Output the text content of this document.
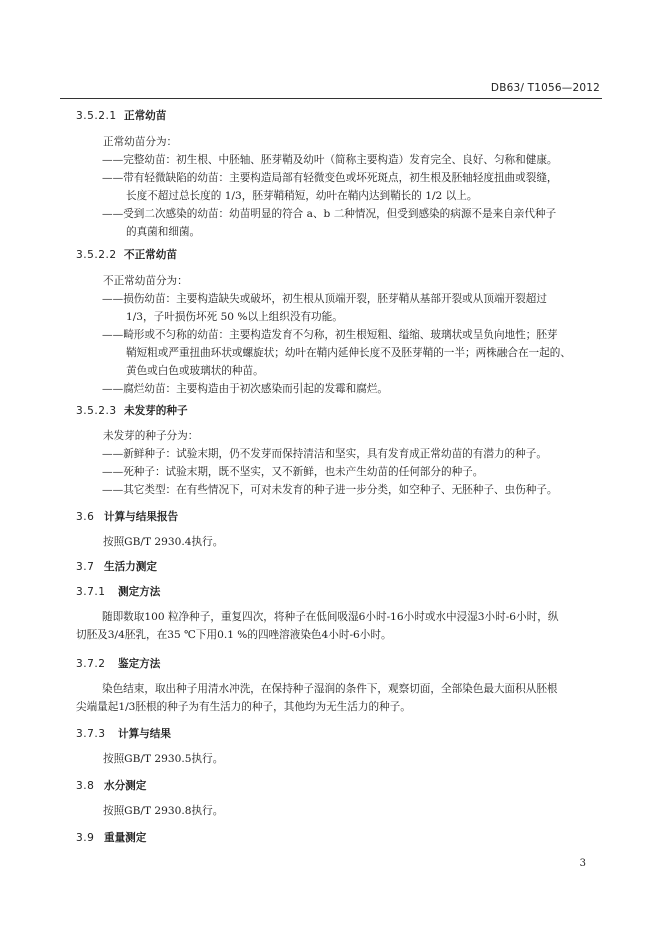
DB63/ T1056—2012
3.5.2.1 正常幼苗
正常幼苗分为：
——完整幼苗：初生根、中胚轴、胚芽鞘及幼叶（简称主要构造）发育完全、良好、匀称和健康。
——带有轻微缺陷的幼苗：主要构造局部有轻微变色或坏死斑点，初生根及胚轴轻度扭曲或裂缝，
长度不超过总长度的 1/3，胚芽鞘稍短，幼叶在鞘内达到鞘长的 1/2 以上。
——受到二次感染的幼苗：幼苗明显的符合 a、b 二种情况，但受到感染的病源不是来自亲代种子
的真菌和细菌。
3.5.2.2 不正常幼苗
不正常幼苗分为：
——损伤幼苗：主要构造缺失或破坏，初生根从顶端开裂，胚芽鞘从基部开裂或从顶端开裂超过
1/3，子叶损伤坏死 50 %以上组织没有功能。
——畸形或不匀称的幼苗：主要构造发育不匀称，初生根短粗、缢缩、玻璃状或呈负向地性；胚芽
鞘短粗或严重扭曲环状或螺旋状；幼叶在鞘内延伸长度不及胚芽鞘的一半；两株融合在一起的、
黄色或白色或玻璃状的种苗。
——腐烂幼苗：主要构造由于初次感染而引起的发霉和腐烂。
3.5.2.3 未发芽的种子
未发芽的种子分为：
——新鲜种子：试验末期，仍不发芽而保持清洁和坚实，具有发育成正常幼苗的有潜力的种子。
——死种子：试验末期，既不坚实，又不新鲜，也未产生幼苗的任何部分的种子。
——其它类型：在有些情况下，可对未发育的种子进一步分类，如空种子、无胚种子、虫伤种子。
3.6 计算与结果报告
按照GB/T 2930.4执行。
3.7 生活力测定
3.7.1 测定方法
随即数取100 粒净种子，重复四次，将种子在低间吸湿6小时-16小时或水中浸湿3小时-6小时，纵
切胚及3/4胚乳，在35 ℃下用0.1 %的四唑溶液染色4小时-6小时。
3.7.2 鉴定方法
染色结束，取出种子用清水冲洗，在保持种子湿润的条件下，观察切面，全部染色最大面积从胚根
尖端量起1/3胚根的种子为有生活力的种子，其他均为无生活力的种子。
3.7.3 计算与结果
按照GB/T 2930.5执行。
3.8 水分测定
按照GB/T 2930.8执行。
3.9 重量测定
3
